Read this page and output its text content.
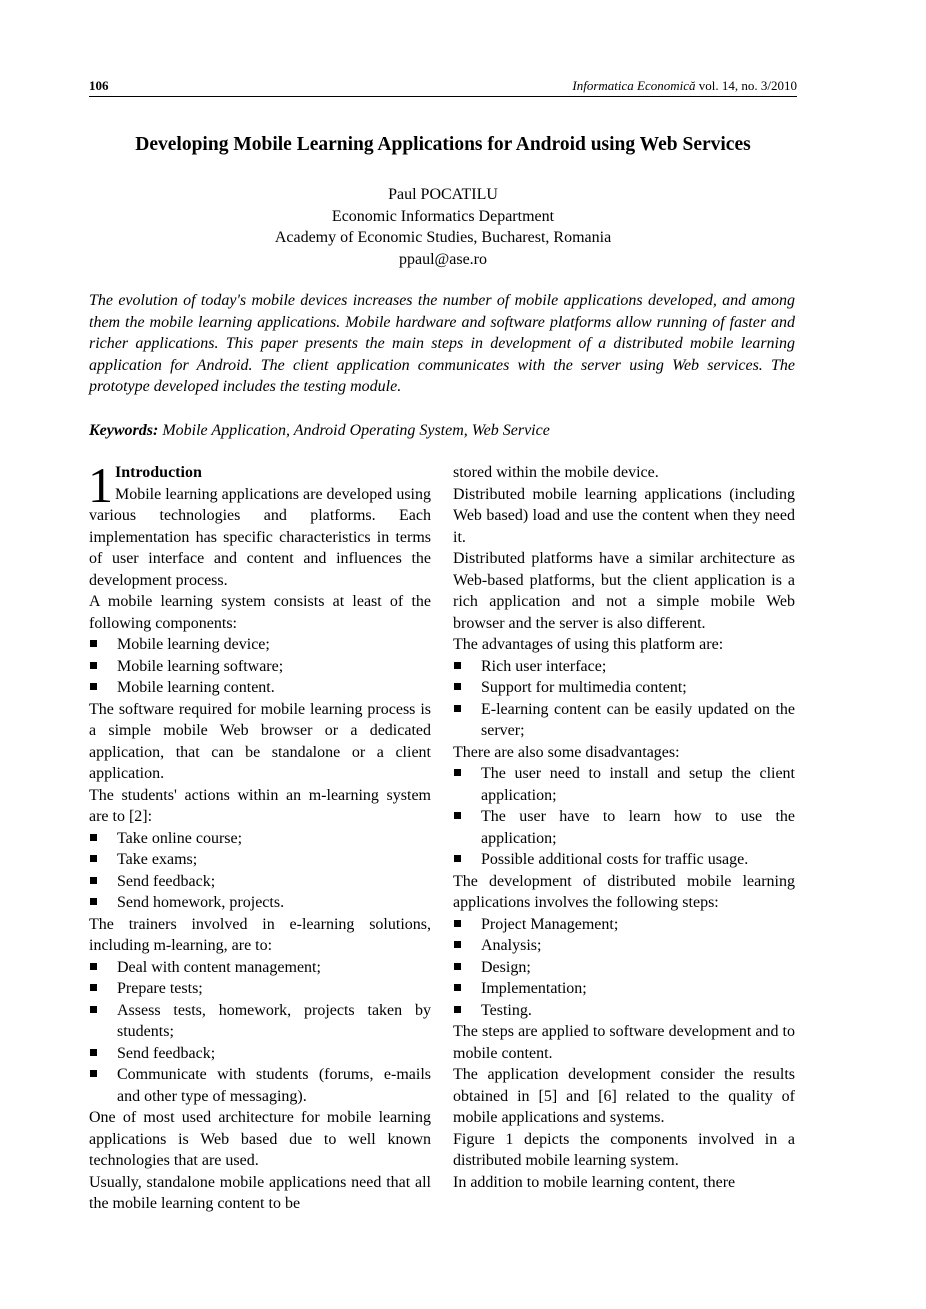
106	Informatica Economică vol. 14, no. 3/2010
Developing Mobile Learning Applications for Android using Web Services
Paul POCATILU
Economic Informatics Department
Academy of Economic Studies, Bucharest, Romania
ppaul@ase.ro

The evolution of today's mobile devices increases the number of mobile applications developed, and among them the mobile learning applications. Mobile hardware and software platforms allow running of faster and richer applications. This paper presents the main steps in development of a distributed mobile learning application for Android. The client application communicates with the server using Web services. The prototype developed includes the testing module.

Keywords: Mobile Application, Android Operating System, Web Service

1 Introduction

Mobile learning applications are developed using various technologies and platforms. Each implementation has specific characteristics in terms of user interface and content and influences the development process.

A mobile learning system consists at least of the following components:

Mobile learning device;
Mobile learning software;
Mobile learning content.

The software required for mobile learning process is a simple mobile Web browser or a dedicated application, that can be standalone or a client application.

The students' actions within an m-learning system are to [2]:

Take online course;
Take exams;
Send feedback;
Send homework, projects.

The trainers involved in e-learning solutions, including m-learning, are to:

Deal with content management;
Prepare tests;
Assess tests, homework, projects taken by students;
Send feedback;
Communicate with students (forums, e-mails and other type of messaging).

One of most used architecture for mobile learning applications is Web based due to well known technologies that are used.

Usually, standalone mobile applications need that all the mobile learning content to be

stored within the mobile device.

Distributed mobile learning applications (including Web based) load and use the content when they need it.

Distributed platforms have a similar architecture as Web-based platforms, but the client application is a rich application and not a simple mobile Web browser and the server is also different.

The advantages of using this platform are:

Rich user interface;
Support for multimedia content;
E-learning content can be easily updated on the server;

There are also some disadvantages:

The user need to install and setup the client application;
The user have to learn how to use the application;
Possible additional costs for traffic usage.

The development of distributed mobile learning applications involves the following steps:

Project Management;
Analysis;
Design;
Implementation;
Testing.

The steps are applied to software development and to mobile content.

The application development consider the results obtained in [5] and [6] related to the quality of mobile applications and systems.

Figure 1 depicts the components involved in a distributed mobile learning system.

In addition to mobile learning content, there
